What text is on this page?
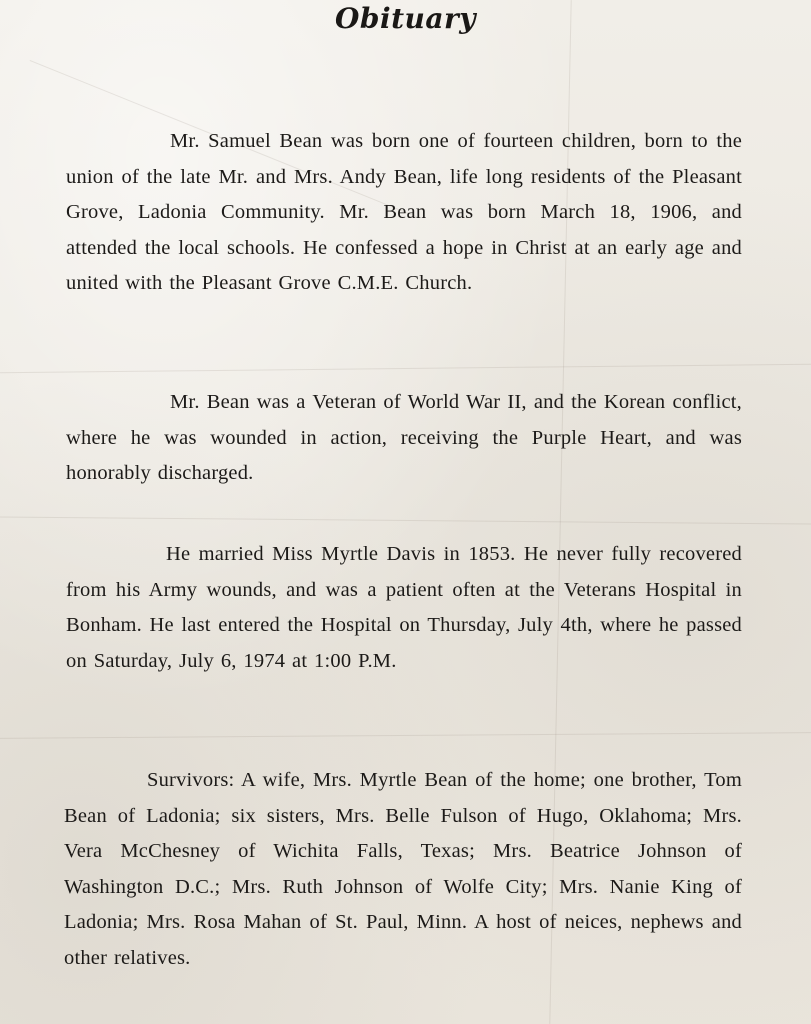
Obituary

Mr. Samuel Bean was born one of fourteen children, born to the union of the late Mr. and Mrs. Andy Bean, life long residents of the Pleasant Grove, Ladonia Community. Mr. Bean was born March 18, 1906, and attended the local schools. He confessed a hope in Christ at an early age and united with the Pleasant Grove C.M.E. Church.

Mr. Bean was a Veteran of World War II, and the Korean conflict, where he was wounded in action, receiving the Purple Heart, and was honorably discharged.

He married Miss Myrtle Davis in 1853. He never fully recovered from his Army wounds, and was a patient often at the Veterans Hospital in Bonham. He last entered the Hospital on Thursday, July 4th, where he passed on Saturday, July 6, 1974 at 1:00 P.M.

Survivors: A wife, Mrs. Myrtle Bean of the home; one brother, Tom Bean of Ladonia; six sisters, Mrs. Belle Fulson of Hugo, Oklahoma; Mrs. Vera McChesney of Wichita Falls, Texas; Mrs. Beatrice Johnson of Washington D.C.; Mrs. Ruth Johnson of Wolfe City; Mrs. Nanie King of Ladonia; Mrs. Rosa Mahan of St. Paul, Minn. A host of neices, nephews and other relatives.
